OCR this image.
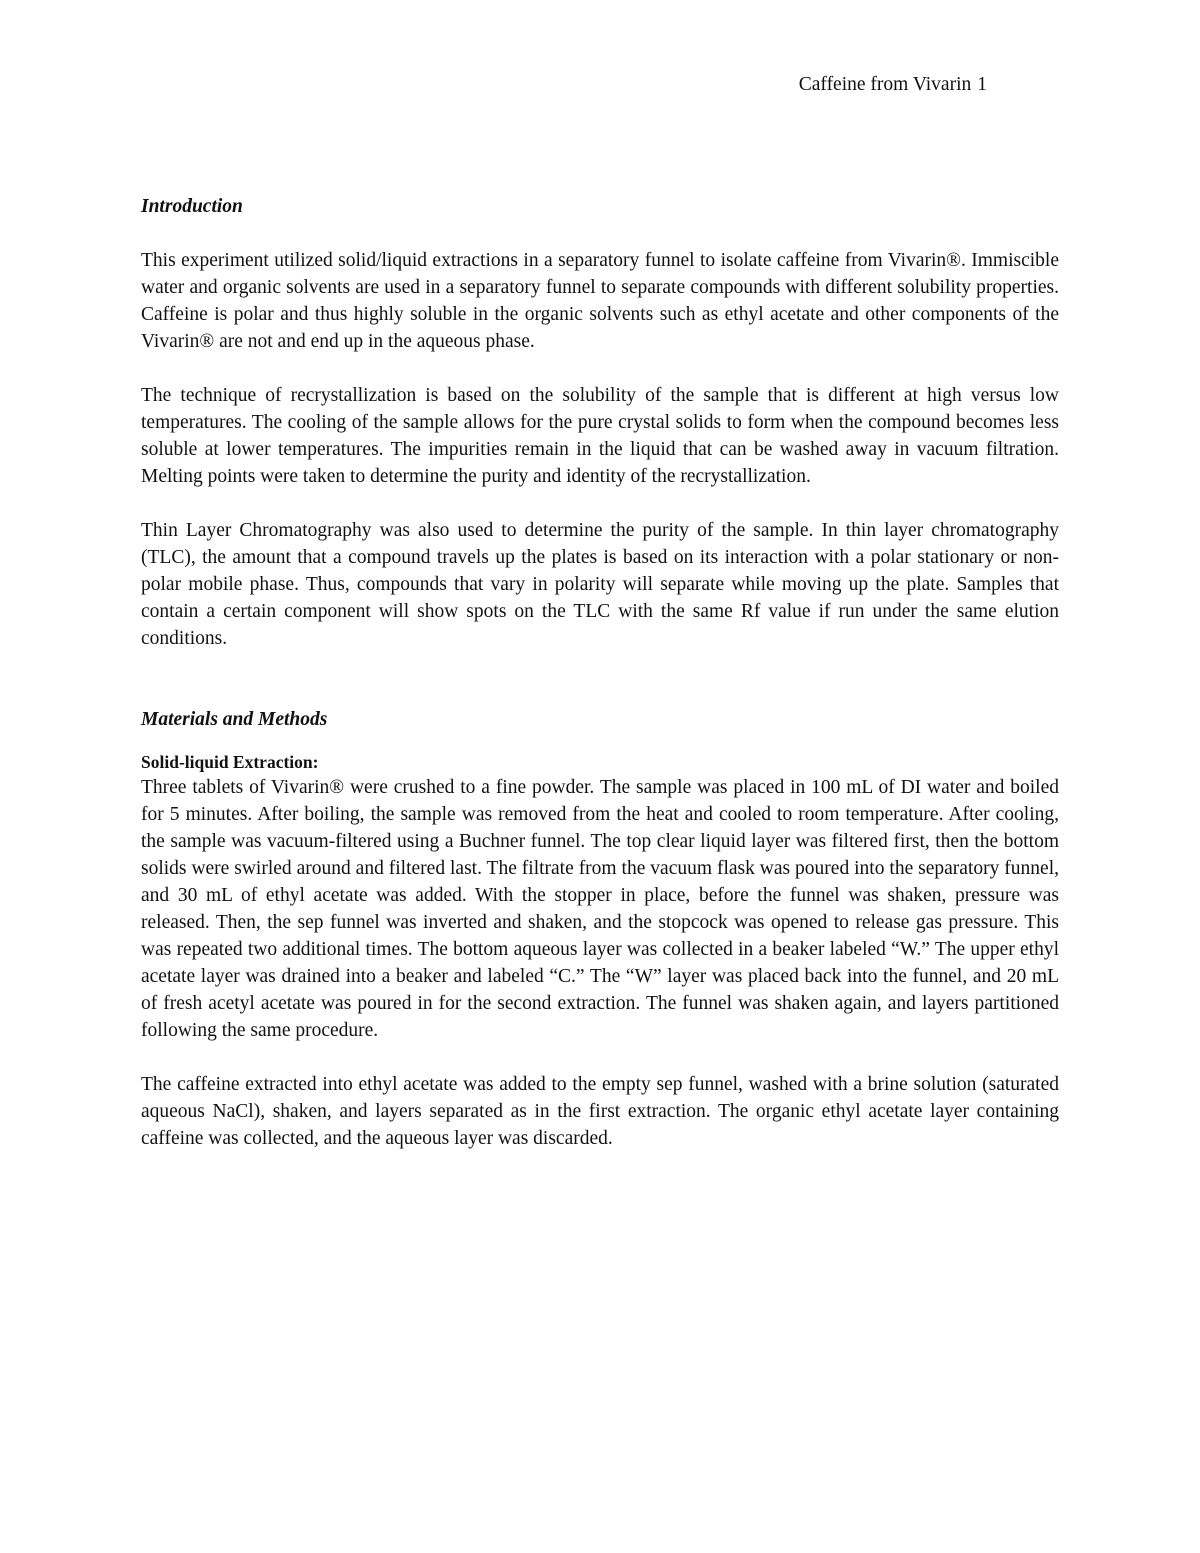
Caffeine from Vivarin 1
Introduction

This experiment utilized solid/liquid extractions in a separatory funnel to isolate caffeine from Vivarin®. Immiscible water and organic solvents are used in a separatory funnel to separate compounds with different solubility properties. Caffeine is polar and thus highly soluble in the organic solvents such as ethyl acetate and other components of the Vivarin® are not and end up in the aqueous phase.

The technique of recrystallization is based on the solubility of the sample that is different at high versus low temperatures. The cooling of the sample allows for the pure crystal solids to form when the compound becomes less soluble at lower temperatures. The impurities remain in the liquid that can be washed away in vacuum filtration. Melting points were taken to determine the purity and identity of the recrystallization.

Thin Layer Chromatography was also used to determine the purity of the sample. In thin layer chromatography (TLC), the amount that a compound travels up the plates is based on its interaction with a polar stationary or non-polar mobile phase. Thus, compounds that vary in polarity will separate while moving up the plate. Samples that contain a certain component will show spots on the TLC with the same Rf value if run under the same elution conditions.

Materials and Methods
Solid-liquid Extraction:

Three tablets of Vivarin® were crushed to a fine powder. The sample was placed in 100 mL of DI water and boiled for 5 minutes. After boiling, the sample was removed from the heat and cooled to room temperature. After cooling, the sample was vacuum-filtered using a Buchner funnel. The top clear liquid layer was filtered first, then the bottom solids were swirled around and filtered last. The filtrate from the vacuum flask was poured into the separatory funnel, and 30 mL of ethyl acetate was added. With the stopper in place, before the funnel was shaken, pressure was released. Then, the sep funnel was inverted and shaken, and the stopcock was opened to release gas pressure. This was repeated two additional times. The bottom aqueous layer was collected in a beaker labeled “W.” The upper ethyl acetate layer was drained into a beaker and labeled “C.” The “W” layer was placed back into the funnel, and 20 mL of fresh acetyl acetate was poured in for the second extraction. The funnel was shaken again, and layers partitioned following the same procedure.

The caffeine extracted into ethyl acetate was added to the empty sep funnel, washed with a brine solution (saturated aqueous NaCl), shaken, and layers separated as in the first extraction. The organic ethyl acetate layer containing caffeine was collected, and the aqueous layer was discarded.
